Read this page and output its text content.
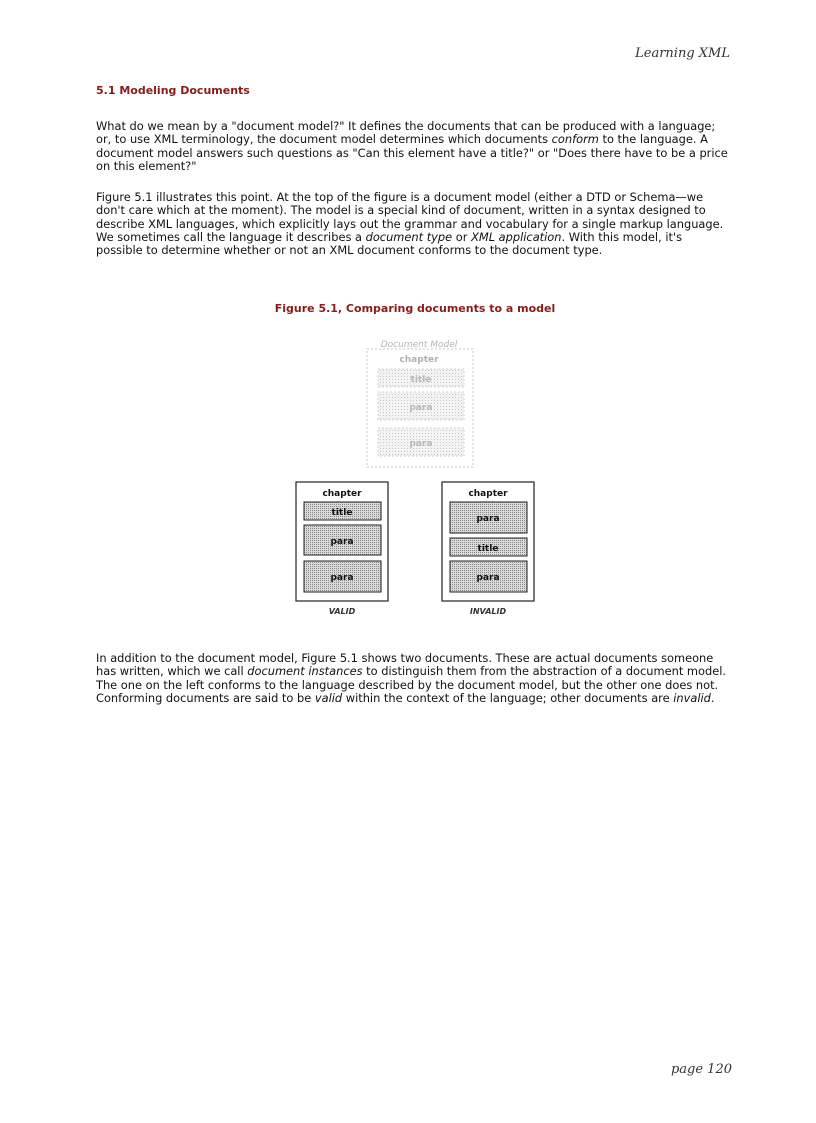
Learning XML
5.1 Modeling Documents

What do we mean by a "document model?" It defines the documents that can be produced with a language; or, to use XML terminology, the document model determines which documents conform to the language. A document model answers such questions as "Can this element have a title?" or "Does there have to be a price on this element?"

Figure 5.1 illustrates this point. At the top of the figure is a document model (either a DTD or Schema—we don't care which at the moment). The model is a special kind of document, written in a syntax designed to describe XML languages, which explicitly lays out the grammar and vocabulary for a single markup language. We sometimes call the language it describes a document type or XML application. With this model, it's possible to determine whether or not an XML document conforms to the document type.

Figure 5.1, Comparing documents to a model
Document Model
chapter
title
para
para
chapter
title
para
para
VALID
chapter
para
title
para
INVALID

In addition to the document model, Figure 5.1 shows two documents. These are actual documents someone has written, which we call document instances to distinguish them from the abstraction of a document model. The one on the left conforms to the language described by the document model, but the other one does not. Conforming documents are said to be valid within the context of the language; other documents are invalid.

page 120
